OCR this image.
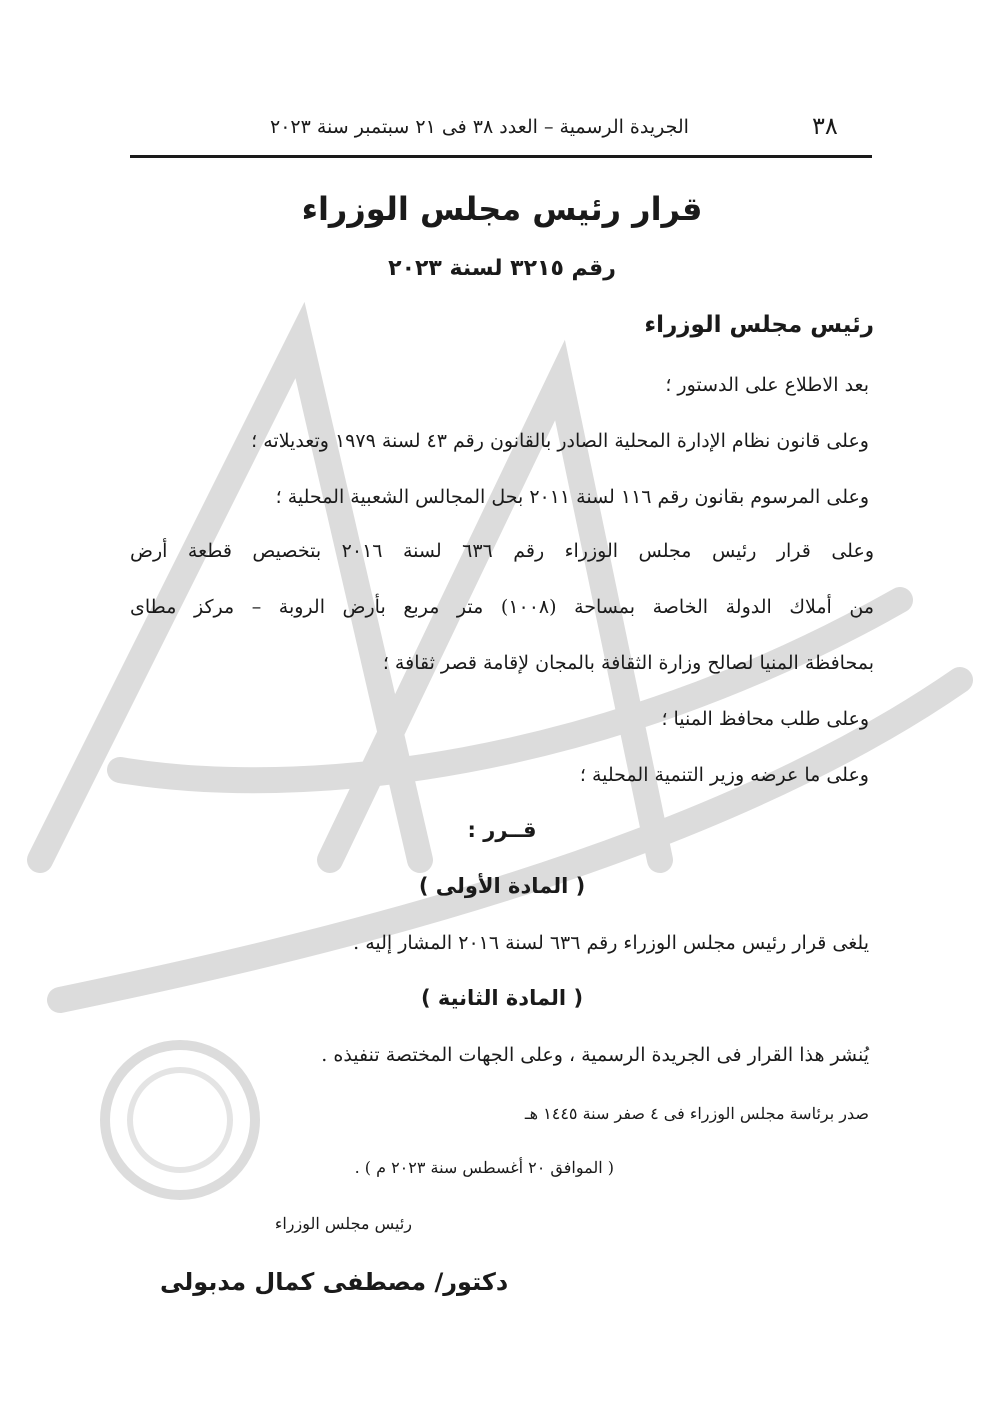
٣٨
الجريدة الرسمية – العدد ٣٨ فى ٢١ سبتمبر سنة ٢٠٢٣
قرار رئيس مجلس الوزراء
رقم ٣٢١٥ لسنة ٢٠٢٣
رئيس مجلس الوزراء
بعد الاطلاع على الدستور ؛
وعلى قانون نظام الإدارة المحلية الصادر بالقانون رقم ٤٣ لسنة ١٩٧٩ وتعديلاته ؛
وعلى المرسوم بقانون رقم ١١٦ لسنة ٢٠١١ بحل المجالس الشعبية المحلية ؛
وعلى قرار رئيس مجلس الوزراء رقم ٦٣٦ لسنة ٢٠١٦ بتخصيص قطعة أرض
من أملاك الدولة الخاصة بمساحة (١٠٠٨) متر مربع بأرض الروبة – مركز مطاى
بمحافظة المنيا لصالح وزارة الثقافة بالمجان لإقامة قصر ثقافة ؛
وعلى طلب محافظ المنيا ؛
وعلى ما عرضه وزير التنمية المحلية ؛
قــرر :
( المادة الأولى )
يلغى قرار رئيس مجلس الوزراء رقم ٦٣٦ لسنة ٢٠١٦ المشار إليه .
( المادة الثانية )
يُنشر هذا القرار فى الجريدة الرسمية ، وعلى الجهات المختصة تنفيذه .
صدر برئاسة مجلس الوزراء فى ٤ صفر سنة ١٤٤٥ هـ
( الموافق ٢٠ أغسطس سنة ٢٠٢٣ م ) .
رئيس مجلس الوزراء
دكتور/ مصطفى كمال مدبولى
